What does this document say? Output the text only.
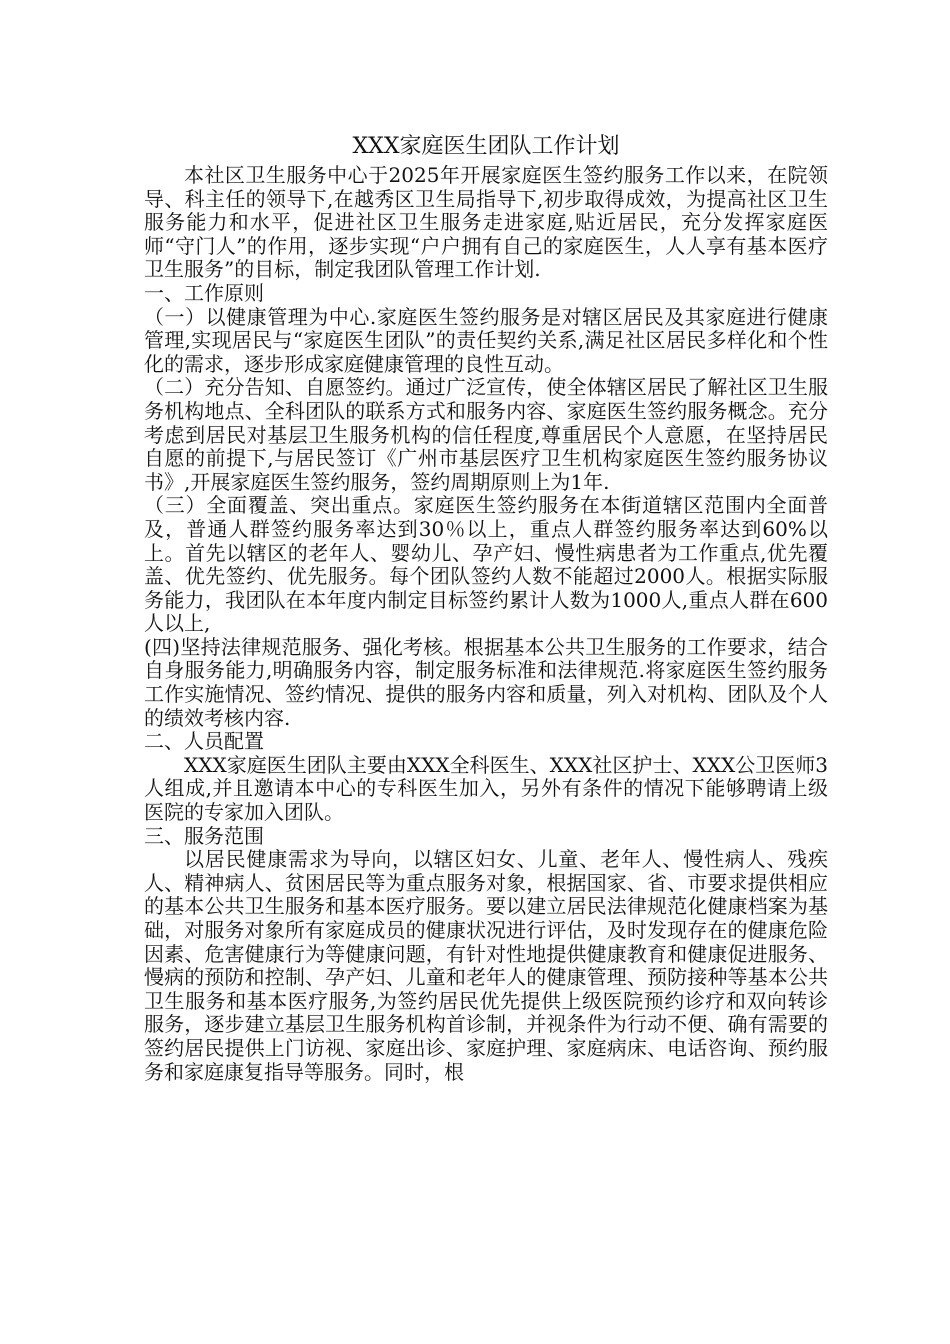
XXX家庭医生团队工作计划

本社区卫生服务中心于2025年开展家庭医生签约服务工作以来，在院领导、科主任的领导下,在越秀区卫生局指导下,初步取得成效，为提高社区卫生服务能力和水平，促进社区卫生服务走进家庭,贴近居民，充分发挥家庭医师“守门人”的作用，逐步实现“户户拥有自己的家庭医生，人人享有基本医疗卫生服务”的目标，制定我团队管理工作计划.

一、工作原则

（一）以健康管理为中心.家庭医生签约服务是对辖区居民及其家庭进行健康管理,实现居民与“家庭医生团队”的责任契约关系,满足社区居民多样化和个性化的需求，逐步形成家庭健康管理的良性互动。

（二）充分告知、自愿签约。通过广泛宣传，使全体辖区居民了解社区卫生服务机构地点、全科团队的联系方式和服务内容、家庭医生签约服务概念。充分考虑到居民对基层卫生服务机构的信任程度,尊重居民个人意愿，在坚持居民自愿的前提下,与居民签订《广州市基层医疗卫生机构家庭医生签约服务协议书》,开展家庭医生签约服务，签约周期原则上为1年.

（三）全面覆盖、突出重点。家庭医生签约服务在本街道辖区范围内全面普及，普通人群签约服务率达到30％以上，重点人群签约服务率达到60%以上。首先以辖区的老年人、婴幼儿、孕产妇、慢性病患者为工作重点,优先覆盖、优先签约、优先服务。每个团队签约人数不能超过2000人。根据实际服务能力，我团队在本年度内制定目标签约累计人数为1000人,重点人群在600人以上,

(四)坚持法律规范服务、强化考核。根据基本公共卫生服务的工作要求，结合自身服务能力,明确服务内容，制定服务标准和法律规范.将家庭医生签约服务工作实施情况、签约情况、提供的服务内容和质量，列入对机构、团队及个人的绩效考核内容.

二、人员配置

XXX家庭医生团队主要由XXX全科医生、XXX社区护士、XXX公卫医师3人组成,并且邀请本中心的专科医生加入，另外有条件的情况下能够聘请上级医院的专家加入团队。

三、服务范围

以居民健康需求为导向，以辖区妇女、儿童、老年人、慢性病人、残疾人、精神病人、贫困居民等为重点服务对象，根据国家、省、市要求提供相应的基本公共卫生服务和基本医疗服务。要以建立居民法律规范化健康档案为基础，对服务对象所有家庭成员的健康状况进行评估，及时发现存在的健康危险因素、危害健康行为等健康问题，有针对性地提供健康教育和健康促进服务、慢病的预防和控制、孕产妇、儿童和老年人的健康管理、预防接种等基本公共卫生服务和基本医疗服务,为签约居民优先提供上级医院预约诊疗和双向转诊服务，逐步建立基层卫生服务机构首诊制，并视条件为行动不便、确有需要的签约居民提供上门访视、家庭出诊、家庭护理、家庭病床、电话咨询、预约服务和家庭康复指导等服务。同时，根
